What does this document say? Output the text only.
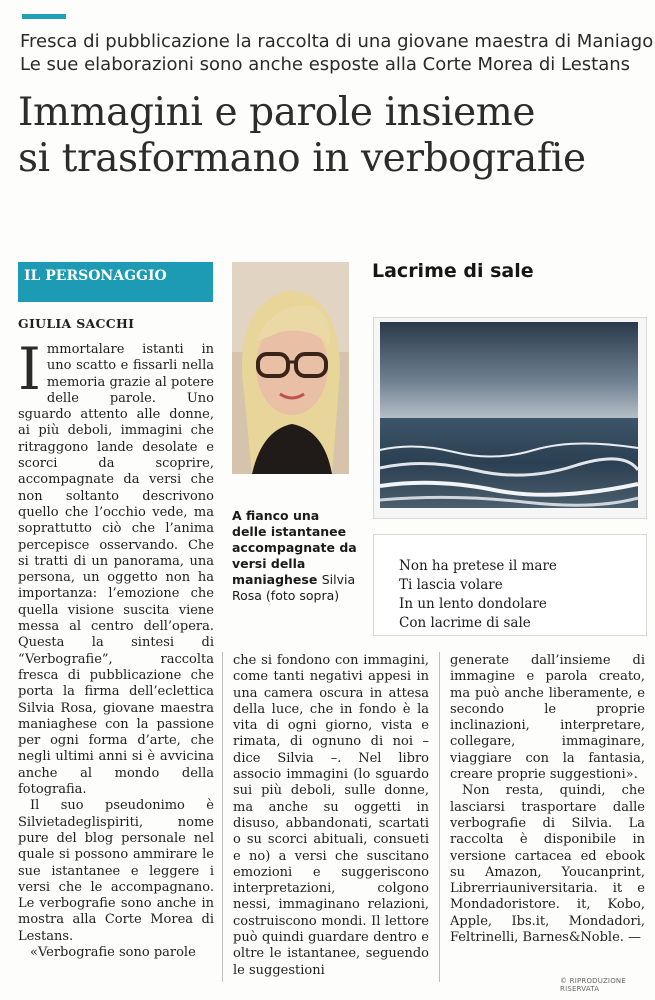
Fresca di pubblicazione la raccolta di una giovane maestra di Maniago
Le sue elaborazioni sono anche esposte alla Corte Morea di Lestans
Immagini e parole insieme
si trasformano in verbografie
IL PERSONAGGIO
GIULIA SACCHI

Immortalare istanti in uno scatto e fissarli nella memoria grazie al potere delle parole. Uno sguardo attento alle donne, ai più deboli, immagini che ritraggono lande desolate e scorci da scoprire, accompagnate da versi che non soltanto descrivono quello che l’occhio vede, ma soprattutto ciò che l’anima percepisce osservando. Che si tratti di un panorama, una persona, un oggetto non ha importanza: l’emozione che quella visione suscita viene messa al centro dell’opera. Questa la sintesi di “Verbografie”, raccolta fresca di pubblicazione che porta la firma dell’eclettica Silvia Rosa, giovane maestra maniaghese con la passione per ogni forma d’arte, che negli ultimi anni si è avvicina anche al mondo della fotografia.

Il suo pseudonimo è Silvietadeglispiriti, nome pure del blog personale nel quale si possono ammirare le sue istantanee e leggere i versi che le accompagnano. Le verbografie sono anche in mostra alla Corte Morea di Lestans.

«Verbografie sono parole

che si fondono con immagini, come tanti negativi appesi in una camera oscura in attesa della luce, che in fondo è la vita di ogni giorno, vista e rimata, di ognuno di noi – dice Silvia –. Nel libro associo immagini (lo sguardo sui più deboli, sulle donne, ma anche su oggetti in disuso, abbandonati, scartati o su scorci abituali, consueti e no) a versi che suscitano emozioni e suggeriscono interpretazioni, colgono nessi, immaginano relazioni, costruiscono mondi. Il lettore può quindi guardare dentro e oltre le istantanee, seguendo le suggestioni

generate dall’insieme di immagine e parola creato, ma può anche liberamente, e secondo le proprie inclinazioni, interpretare, collegare, immaginare, viaggiare con la fantasia, creare proprie suggestioni».

Non resta, quindi, che lasciarsi trasportare dalle verbografie di Silvia. La raccolta è disponibile in versione cartacea ed ebook su Amazon, Youcanprint, Librerriauniversitaria. it e Mondadoristore. it, Kobo, Apple, Ibs.it, Mondadori, Feltrinelli, Barnes&Noble. —

A fianco una delle istantanee accompagnate da versi della maniaghese Silvia Rosa (foto sopra)
Lacrime di sale
Non ha pretese il mare
Ti lascia volare
In un lento dondolare
Con lacrime di sale
© RIPRODUZIONE RISERVATA
